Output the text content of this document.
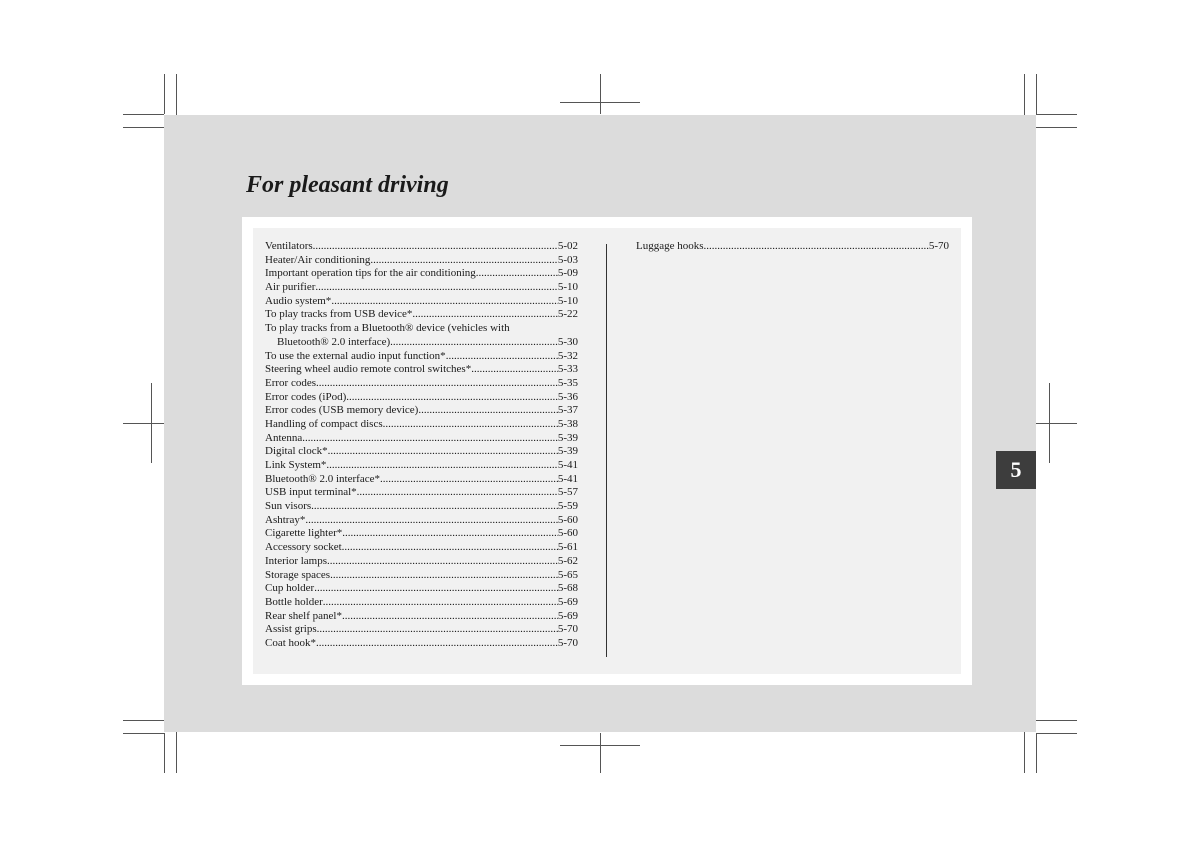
For pleasant driving
Ventilators .....	5-02
Heater/Air conditioning .....	5-03
Important operation tips for the air conditioning .....	5-09
Air purifier .....	5-10
Audio system* .....	5-10
To play tracks from USB device* .....	5-22
To play tracks from a Bluetooth® device (vehicles with
Bluetooth® 2.0 interface) .....	5-30
To use the external audio input function* .....	5-32
Steering wheel audio remote control switches* .....	5-33
Error codes .....	5-35
Error codes (iPod) .....	5-36
Error codes (USB memory device) .....	5-37
Handling of compact discs .....	5-38
Antenna .....	5-39
Digital clock* .....	5-39
Link System* .....	5-41
Bluetooth® 2.0 interface* .....	5-41
USB input terminal* .....	5-57
Sun visors .....	5-59
Ashtray* .....	5-60
Cigarette lighter* .....	5-60
Accessory socket .....	5-61
Interior lamps .....	5-62
Storage spaces .....	5-65
Cup holder .....	5-68
Bottle holder .....	5-69
Rear shelf panel* .....	5-69
Assist grips .....	5-70
Coat hook* .....	5-70
Luggage hooks .....	5-70
5
